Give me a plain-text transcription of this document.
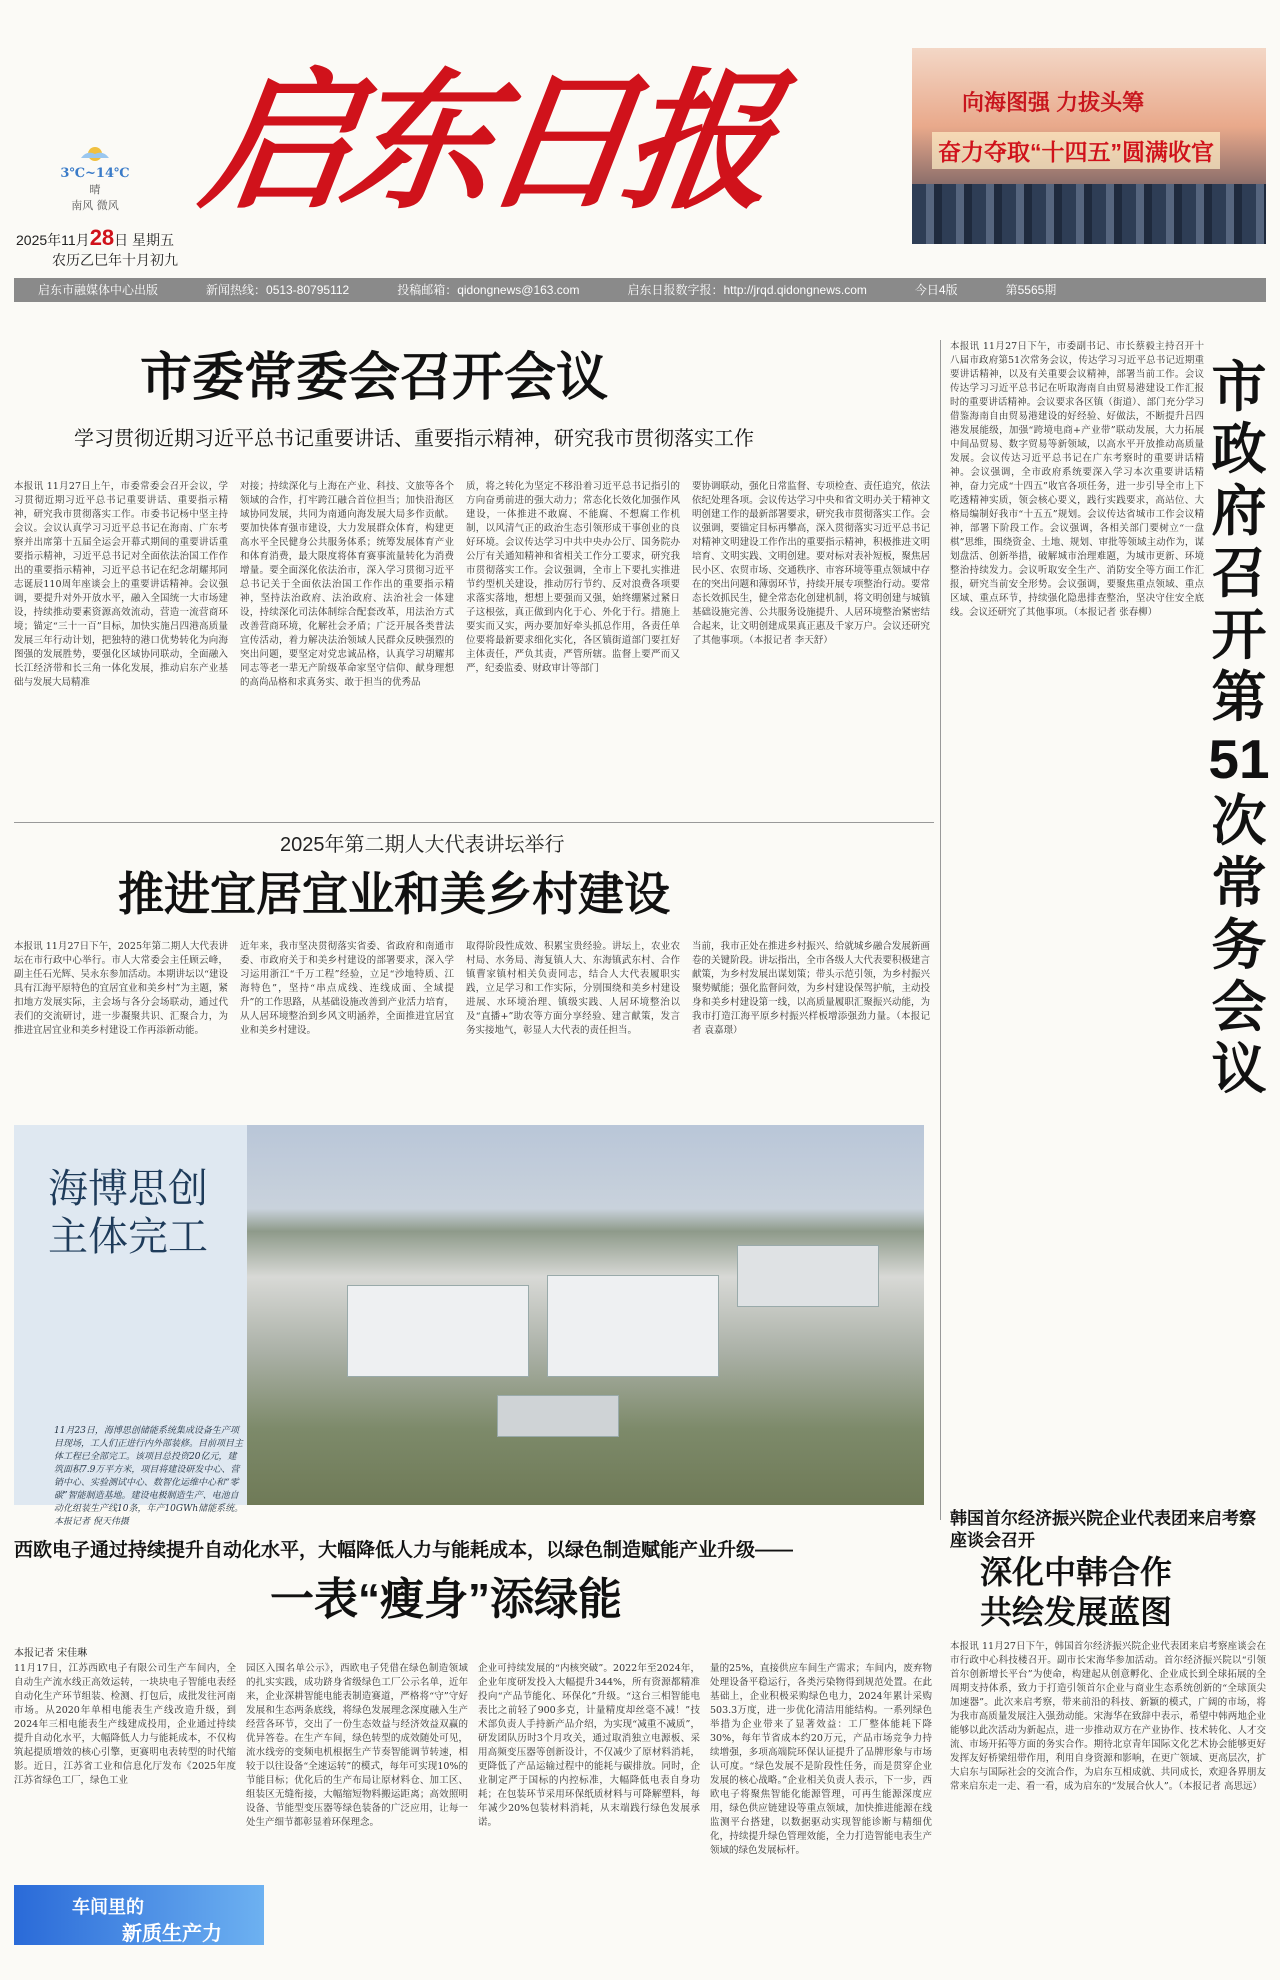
3℃~14℃
晴
南风 微风 启东日报
2025年11月28日 星期五
农历乙巳年十月初九
向海图强 力拔头筹
奋力夺取“十四五”圆满收官
启东市融媒体中心出版	新闻热线：0513-80795112	投稿邮箱：qidongnews@163.com	启东日报数字报：http://jrqd.qidongnews.com	今日4版	第5565期
市委常委会召开会议
学习贯彻近期习近平总书记重要讲话、重要指示精神，研究我市贯彻落实工作
本报讯 11月27日上午，市委常委会召开会议，学习贯彻近期习近平总书记重要讲话、重要指示精神，研究我市贯彻落实工作。市委书记杨中坚主持会议。会议认真学习习近平总书记在海南、广东考察并出席第十五届全运会开幕式期间的重要讲话重要指示精神，习近平总书记对全面依法治国工作作出的重要指示精神，习近平总书记在纪念胡耀邦同志诞辰110周年座谈会上的重要讲话精神。会议强调，要提升对外开放水平，融入全国统一大市场建设，持续推动要素资源高效流动，营造一流营商环境；锚定“三十一百”目标，加快实施吕四港高质量发展三年行动计划，把独特的港口优势转化为向海图强的发展胜势，要强化区域协同联动，全面融入长江经济带和长三角一体化发展，推动启东产业基础与发展大局精准
对接；持续深化与上海在产业、科技、文旅等各个领域的合作，打牢跨江融合首位担当；加快沿海区域协同发展，共同为南通向海发展大局多作贡献。要加快体育强市建设，大力发展群众体育，构建更高水平全民健身公共服务体系；统筹发展体育产业和体育消费，最大限度将体育赛事流量转化为消费增量。要全面深化依法治市，深入学习贯彻习近平总书记关于全面依法治国工作作出的重要指示精神，坚持法治政府、法治政府、法治社会一体建设，持续深化司法体制综合配套改革，用法治方式改善营商环境，化解社会矛盾；广泛开展各类普法宣传活动，着力解决法治领域人民群众反映强烈的突出问题，要坚定对党忠诚品格，认真学习胡耀邦同志等老一辈无产阶级革命家坚守信仰、献身理想的高尚品格和求真务实、敢于担当的优秀品
质，将之转化为坚定不移沿着习近平总书记指引的方向奋勇前进的强大动力；常态化长效化加强作风建设，一体推进不敢腐、不能腐、不想腐工作机制，以风清气正的政治生态引领形成干事创业的良好环境。会议传达学习中共中央办公厅、国务院办公厅有关通知精神和省相关工作分工要求，研究我市贯彻落实工作。会议强调，全市上下要扎实推进节约型机关建设，推动厉行节约、反对浪费各项要求落实落地，想想上要强而又强，始终绷紧过紧日子这根弦，真正做到内化于心、外化于行。措施上要实而又实，两办要加好牵头抓总作用，各责任单位要将最新要求细化实化，各区镇街道部门要扛好主体责任，严负其责，严管所辖。监督上要严而又严，纪委监委、财政审计等部门
要协调联动，强化日常监督、专项检查、责任追究，依法依纪处理各项。会议传达学习中央和省文明办关于精神文明创建工作的最新部署要求，研究我市贯彻落实工作。会议强调，要锚定目标再攀高，深入贯彻落实习近平总书记对精神文明建设工作作出的重要指示精神，积极推进文明培育、文明实践、文明创建。要对标对表补短板，聚焦居民小区、农贸市场、交通秩序、市容环境等重点领域中存在的突出问题和薄弱环节，持续开展专项整治行动。要常态长效抓民生，健全常态化创建机制，将文明创建与城镇基础设施完善、公共服务设施提升、人居环境整治紧密结合起来，让文明创建成果真正惠及千家万户。会议还研究了其他事项。（本报记者 李天舒）
本报讯 11月27日下午，市委副书记、市长蔡毅主持召开十八届市政府第51次常务会议，传达学习习近平总书记近期重要讲话精神，以及有关重要会议精神，部署当前工作。会议传达学习习近平总书记在听取海南自由贸易港建设工作汇报时的重要讲话精神。会议要求各区镇（街道）、部门充分学习借鉴海南自由贸易港建设的好经验、好做法，不断提升吕四港发展能级，加强“跨境电商+产业带”联动发展，大力拓展中间品贸易、数字贸易等新领域，以高水平开放推动高质量发展。会议传达习近平总书记在广东考察时的重要讲话精神。会议强调，全市政府系统要深入学习本次重要讲话精神，奋力完成“十四五”收官各项任务，进一步引导全市上下吃透精神实质，领会核心要义，践行实践要求，高站位、大格局编制好我市“十五五”规划。会议传达省城市工作会议精神，部署下阶段工作。会议强调，各相关部门要树立“一盘棋”思维，围绕资金、土地、规划、审批等领域主动作为，谋划盘活、创新举措，破解城市治理难题，为城市更新、环境整治持续发力。会议听取安全生产、消防安全等方面工作汇报，研究当前安全形势。会议强调，要聚焦重点领域、重点区域、重点环节，持续强化隐患排查整治，坚决守住安全底线。会议还研究了其他事项。（本报记者 张春柳）
市政府召开第51次常务会议
2025年第二期人大代表讲坛举行
推进宜居宜业和美乡村建设
本报讯 11月27日下午，2025年第二期人大代表讲坛在市行政中心举行。市人大常委会主任顾云峰，副主任石光辉、吴永东参加活动。本期讲坛以“建设具有江海平原特色的宜居宜业和美乡村”为主题，紧扣地方发展实际，主会场与各分会场联动，通过代表们的交流研讨，进一步凝聚共识、汇聚合力，为推进宜居宜业和美乡村建设工作再添新动能。
近年来，我市坚决贯彻落实省委、省政府和南通市委、市政府关于和美乡村建设的部署要求，深入学习运用浙江“千万工程”经验，立足“沙地特质、江海特色”，坚持“串点成线、连线成面、全域提升”的工作思路，从基础设施改善到产业活力培育，从人居环境整治到乡风文明涵养，全面推进宜居宜业和美乡村建设。
取得阶段性成效、积累宝贵经验。讲坛上，农业农村局、水务局、海复镇人大、东海镇武东村、合作镇曹家镇村相关负责同志，结合人大代表履职实践，立足学习和工作实际，分别围绕和美乡村建设进展、水环境治理、镇级实践、人居环境整治以及“直播+”助农等方面分享经验、建言献策，发言务实接地气，彰显人大代表的责任担当。
当前，我市正处在推进乡村振兴、给就城乡融合发展新画卷的关键阶段。讲坛指出，全市各级人大代表要积极建言献策，为乡村发展出谋划策；带头示范引领，为乡村振兴聚势赋能；强化监督问效，为乡村建设保驾护航，主动投身和美乡村建设第一线，以高质量履职汇聚振兴动能，为我市打造江海平原乡村振兴样板增添强劲力量。（本报记者 袁嘉璟）
海博思创
主体完工
11月23日，海博思创储能系统集成设备生产项目现场，工人们正进行内外部装修。目前项目主体工程已全部完工。该项目总投资20亿元，建筑面积7.9万平方米，项目将建设研发中心、营销中心、实验测试中心、数智化运维中心和“零碳”智能制造基地。建设电极制造生产、电池自动化组装生产线10条，年产10GWh储能系统。本报记者 倪天伟摄
西欧电子通过持续提升自动化水平，大幅降低人力与能耗成本，以绿色制造赋能产业升级——
一表“瘦身”添绿能
本报记者 宋佳琳
11月17日，江苏西欧电子有限公司生产车间内，全自动生产流水线正高效运转，一块块电子智能电表经自动化生产环节组装、检测、打包后，成批发往河南市场。从2020年单相电能表生产线改造升级，到2024年三相电能表生产线建成投用，企业通过持续提升自动化水平，大幅降低人力与能耗成本，不仅构筑起提质增效的核心引擎，更赛明电表转型的时代缩影。近日，江苏省工业和信息化厅发布《2025年度江苏省绿色工厂，绿色工业
园区入围名单公示》，西欧电子凭借在绿色制造领域的扎实实践，成功跻身省级绿色工厂公示名单，近年来，企业深耕智能电能表制造赛道，严格将“守”守好发展和生态两条底线，将绿色发展理念深度融入生产经营各环节，交出了一份生态效益与经济效益双赢的优异答卷。在生产车间，绿色转型的成效随处可见，流水线旁的变频电机根据生产节奏智能调节转速，相较于以往设备“全速运转”的模式，每年可实现10%的节能目标；优化后的生产布局让原材料仓、加工区、组装区无缝衔接，大幅缩短物料搬运距离；高效照明设备、节能型变压器等绿色装备的广泛应用，让每一处生产细节都彰显着环保理念。
企业可持续发展的“内核突破”。2022年至2024年，企业年度研发投入大幅提升344%，所有资源都精准投向“产品节能化、环保化”升级。“这台三相智能电表比之前轻了900多克，计量精度却丝毫不减！”技术部负责人手持新产品介绍，为实现“减重不减质”，研发团队历时3个月攻关，通过取消独立电源板、采用高频变压器等创新设计，不仅减少了原材料消耗，更降低了产品运输过程中的能耗与碳排放。同时，企业制定严于国标的内控标准，大幅降低电表自身功耗；在包装环节采用环保纸质材料与可降解塑料，每年减少20%包装材料消耗，从末端践行绿色发展承诺。
量的25%，直接供应车间生产需求；车间内，废弃物处理设备平稳运行，各类污染物得到规范处置。在此基础上，企业积极采购绿色电力，2024年累计采购503.3万度，进一步优化清洁用能结构。一系列绿色举措为企业带来了显著效益：工厂整体能耗下降30%，每年节省成本约20万元，产品市场竞争力持续增强，多项高端院环保认证提升了品牌形象与市场认可度。“绿色发展不是阶段性任务，而是贯穿企业发展的核心战略。”企业相关负责人表示，下一步，西欧电子将聚焦智能化能源管理，可再生能源深度应用，绿色供应链建设等重点领域，加快推进能源在线监测平台搭建，以数据驱动实现智能诊断与精细优化，持续提升绿色管理效能，全力打造智能电表生产领域的绿色发展标杆。
车间里的
新质生产力
韩国首尔经济振兴院企业代表团来启考察座谈会召开
深化中韩合作
共绘发展蓝图
本报讯 11月27日下午，韩国首尔经济振兴院企业代表团来启考察座谈会在市行政中心科技楼召开。副市长宋海华参加活动。首尔经济振兴院以“引领首尔创新增长平台”为使命，构建起从创意孵化、企业成长到全球拓展的全周期支持体系，致力于打造引领首尔企业与商业生态系统创新的“全球顶尖加速器”。此次来启考察，带来前沿的科技、新颖的模式，广阔的市场，将为我市高质量发展注入强劲动能。宋海华在致辞中表示，希望中韩两地企业能够以此次活动为新起点，进一步推动双方在产业协作、技术转化、人才交流、市场开拓等方面的务实合作。期待北京青年国际文化艺术协会能够更好发挥友好桥梁纽带作用，利用自身资源和影响，在更广领域、更高层次，扩大启东与国际社会的交流合作，为启东互相成就、共同成长，欢迎各界朋友常来启东走一走、看一看，成为启东的“发展合伙人”。（本报记者 高思远）
